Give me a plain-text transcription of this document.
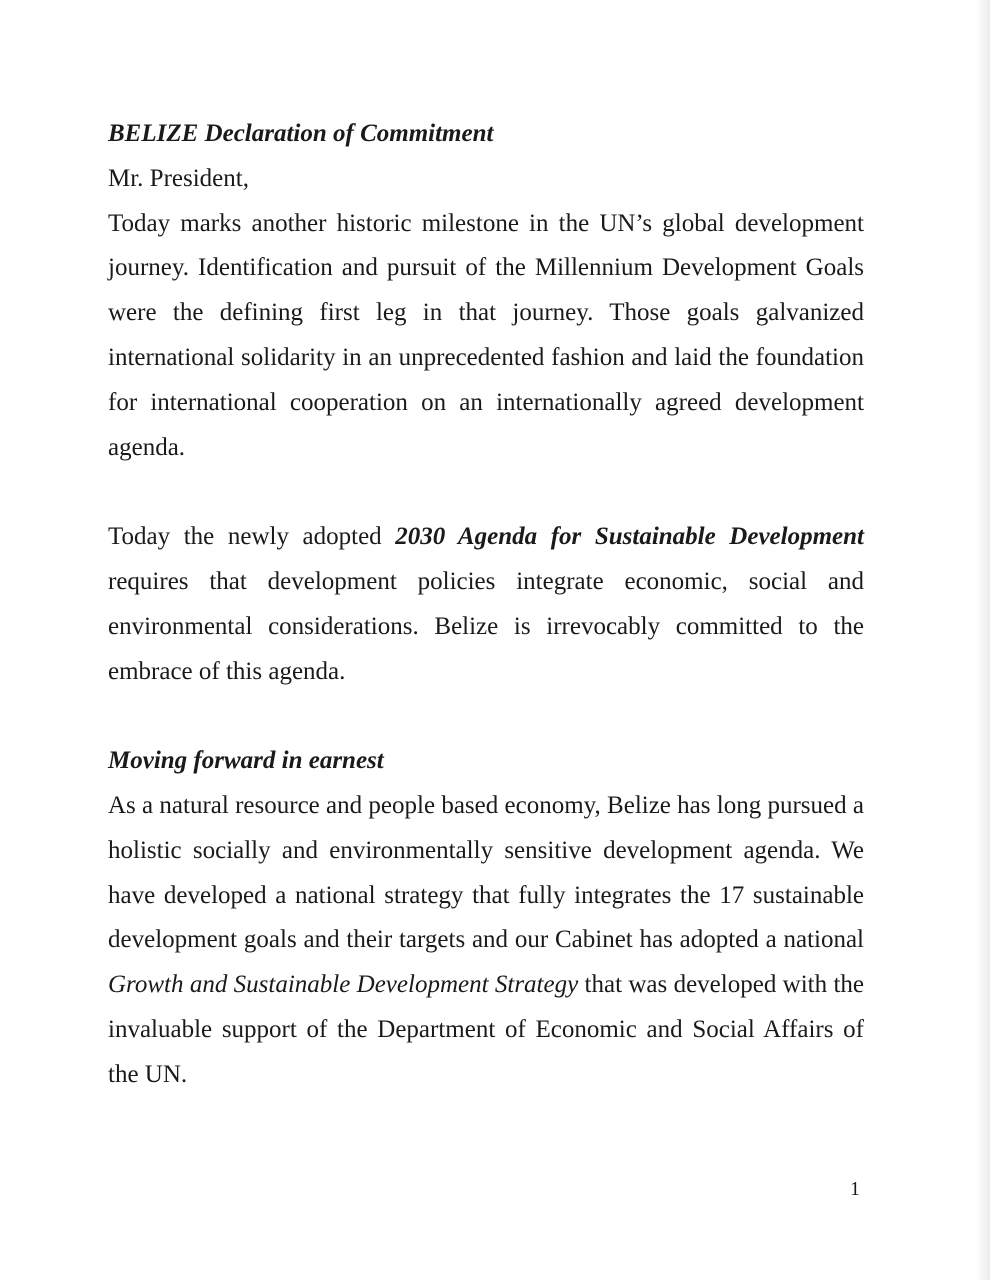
BELIZE Declaration of Commitment

Mr. President,

Today marks another historic milestone in the UN’s global development journey. Identification and pursuit of the Millennium Development Goals were the defining first leg in that journey. Those goals galvanized international solidarity in an unprecedented fashion and laid the foundation for international cooperation on an internationally agreed development agenda.

Today the newly adopted 2030 Agenda for Sustainable Development requires that development policies integrate economic, social and environmental considerations. Belize is irrevocably committed to the embrace of this agenda.

Moving forward in earnest

As a natural resource and people based economy, Belize has long pursued a holistic socially and environmentally sensitive development agenda. We have developed a national strategy that fully integrates the 17 sustainable development goals and their targets and our Cabinet has adopted a national Growth and Sustainable Development Strategy that was developed with the invaluable support of the Department of Economic and Social Affairs of the UN.

1
